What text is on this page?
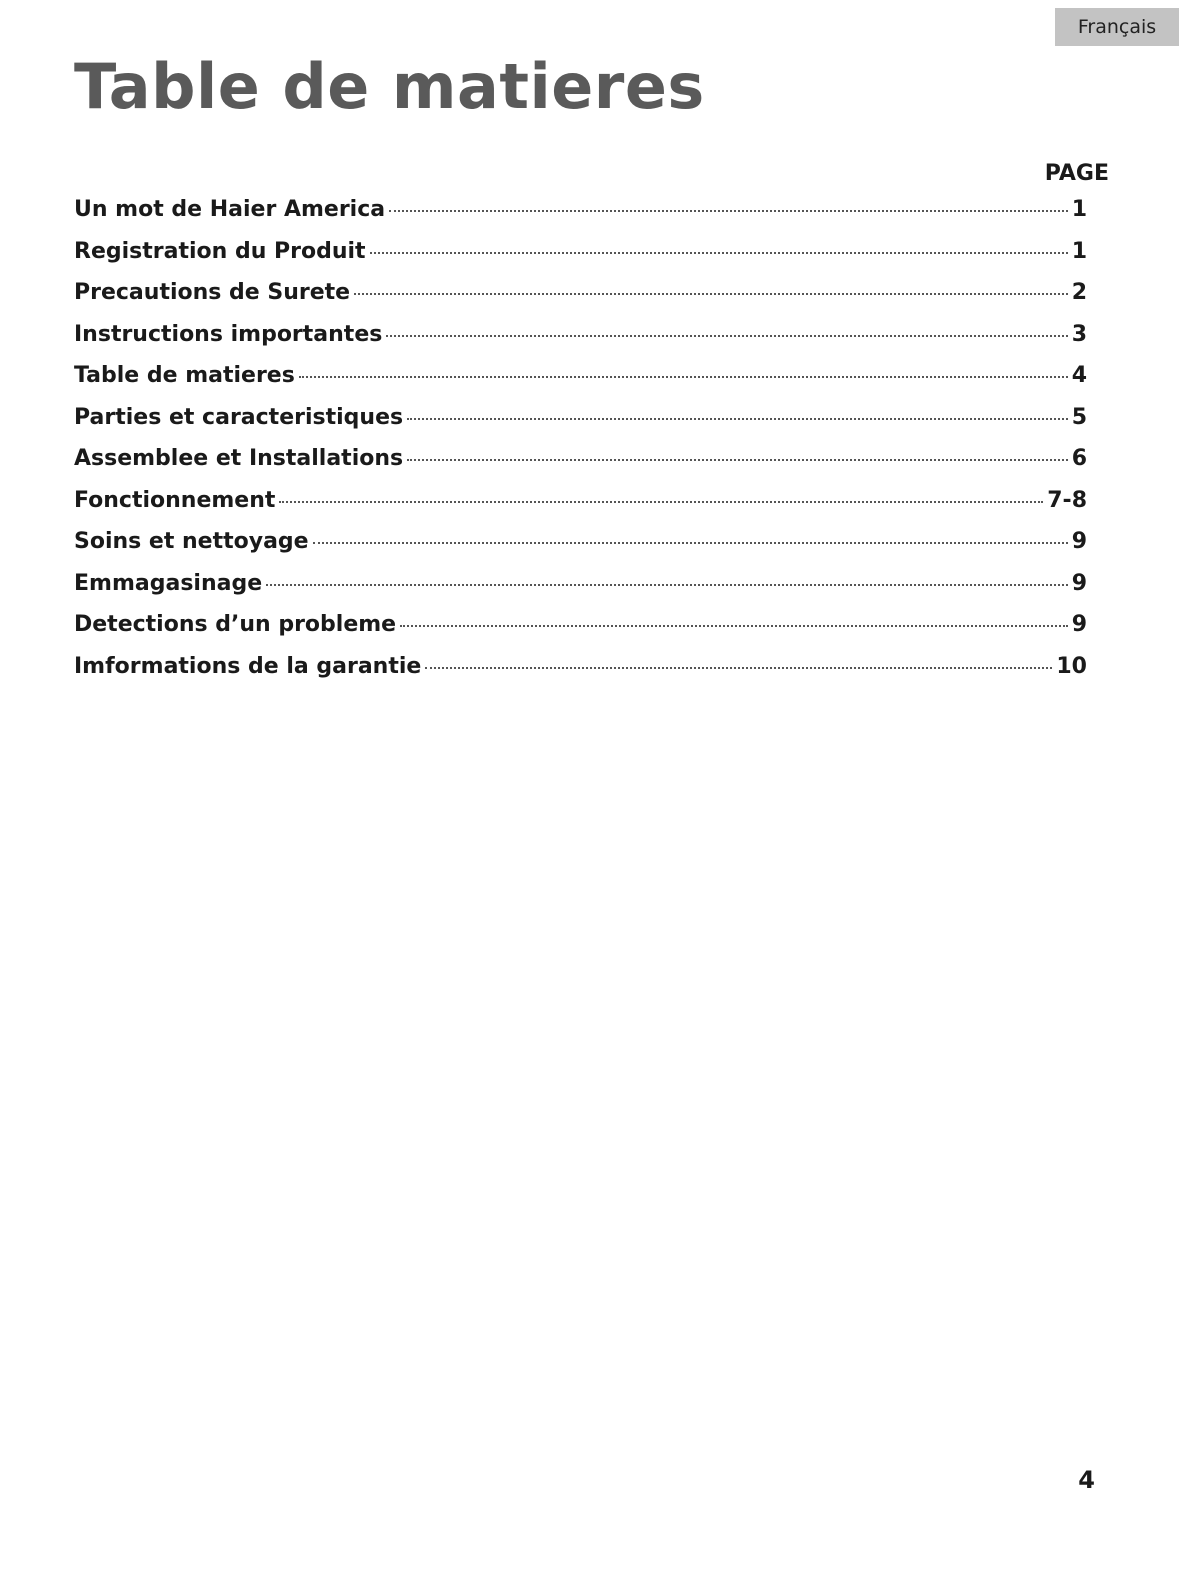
Français
Table de matieres
PAGE
Un mot de Haier America	1
Registration du Produit	1
Precautions de Surete	2
Instructions importantes	3
Table de matieres	4
Parties et caracteristiques	5
Assemblee et Installations	6
Fonctionnement	7-8
Soins et nettoyage	9
Emmagasinage	9
Detections d’un probleme	9
Imformations de la garantie	10
4
